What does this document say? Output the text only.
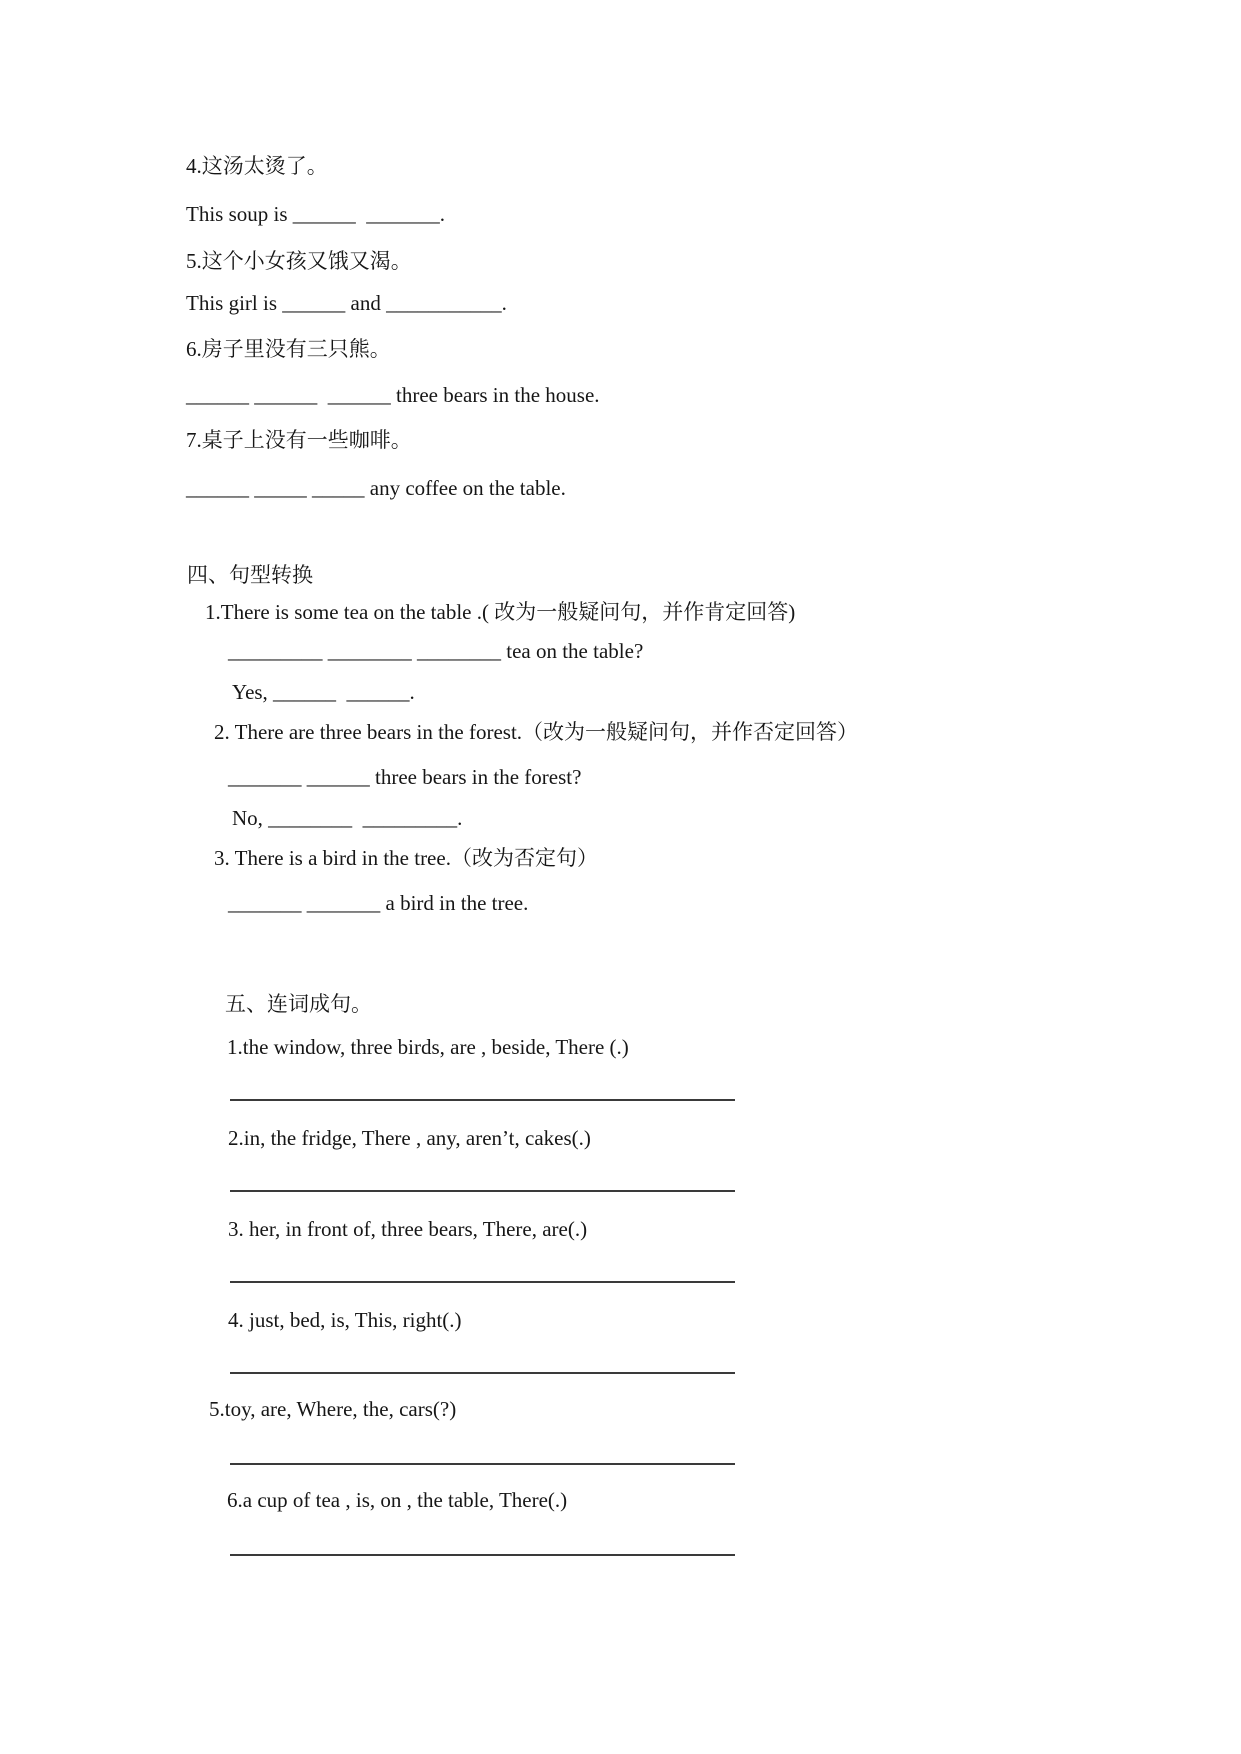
4.这汤太烫了。
This soup is ______  _______.
5.这个小女孩又饿又渴。
This girl is ______ and ___________.
6.房子里没有三只熊。
______ ______  ______ three bears in the house.
7.桌子上没有一些咖啡。
______ _____ _____ any coffee on the table.
四、句型转换
1.There is some tea on the table .( 改为一般疑问句，并作肯定回答)
_________ ________ ________ tea on the table?
Yes, ______  ______.
2. There are three bears in the forest.（改为一般疑问句，并作否定回答）
_______ ______ three bears in the forest?
No, ________  _________.
3. There is a bird in the tree.（改为否定句）
_______ _______ a bird in the tree.
五、连词成句。
1.the window, three birds, are , beside, There (.)
2.in, the fridge, There , any, aren’t, cakes(.)
3. her, in front of, three bears, There, are(.)
4. just, bed, is, This, right(.)
5.toy, are, Where, the, cars(?)
6.a cup of tea , is, on , the table, There(.)
